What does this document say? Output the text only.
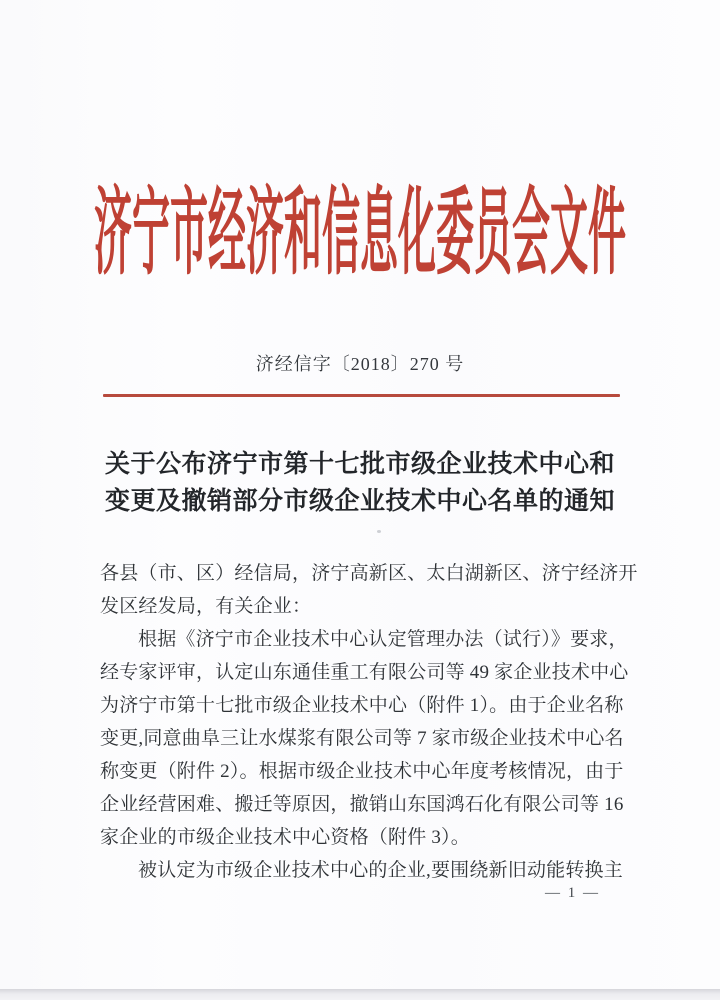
济宁市经济和信息化委员会文件
济经信字〔2018〕270 号
关于公布济宁市第十七批市级企业技术中心和
变更及撤销部分市级企业技术中心名单的通知
各县（市、区）经信局，济宁高新区、太白湖新区、济宁经济开
发区经发局，有关企业：
根据《济宁市企业技术中心认定管理办法（试行）》要求，
经专家评审，认定山东通佳重工有限公司等 49 家企业技术中心
为济宁市第十七批市级企业技术中心（附件 1）。由于企业名称
变更,同意曲阜三让水煤浆有限公司等 7 家市级企业技术中心名
称变更（附件 2）。根据市级企业技术中心年度考核情况，由于
企业经营困难、搬迁等原因，撤销山东国鸿石化有限公司等 16
家企业的市级企业技术中心资格（附件 3）。
被认定为市级企业技术中心的企业,要围绕新旧动能转换主
— 1 —
